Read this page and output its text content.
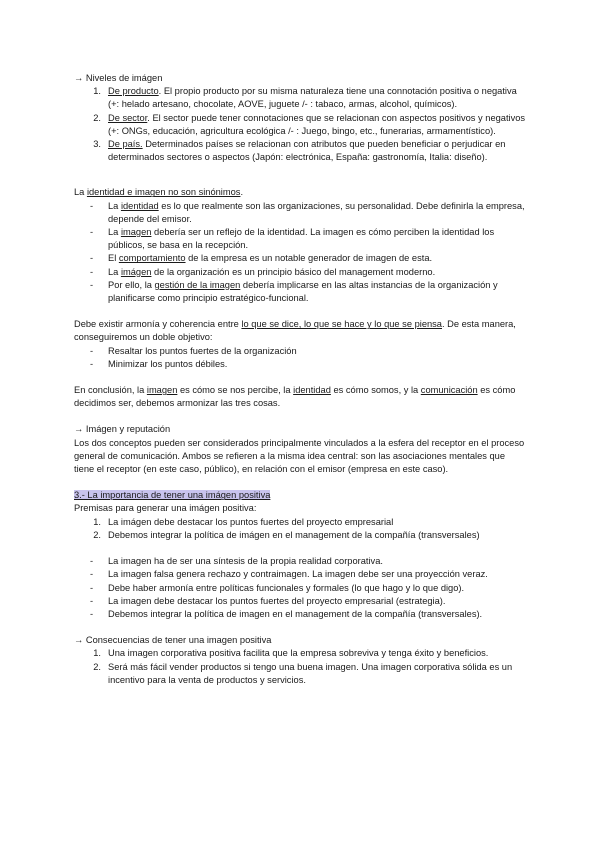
→ Niveles de imágen

1. De producto. El propio producto por su misma naturaleza tiene una connotación positiva o negativa (+: helado artesano, chocolate, AOVE, juguete /- : tabaco, armas, alcohol, químicos).
2. De sector. El sector puede tener connotaciones que se relacionan con aspectos positivos y negativos (+: ONGs, educación, agricultura ecológica /- : Juego, bingo, etc., funerarias, armamentístico).
3. De país. Determinados países se relacionan con atributos que pueden beneficiar o perjudicar en determinados sectores o aspectos (Japón: electrónica, España: gastronomía, Italia: diseño).

La identidad e imagen no son sinónimos.

-	La identidad es lo que realmente son las organizaciones, su personalidad. Debe definirla la empresa, depende del emisor.
-	La imagen debería ser un reflejo de la identidad. La imagen es cómo perciben la identidad los públicos, se basa en la recepción.
-	El comportamiento de la empresa es un notable generador de imagen de esta.
-	La imágen de la organización es un principio básico del management moderno.
-	Por ello, la gestión de la imagen debería implicarse en las altas instancias de la organización y planificarse como principio estratégico-funcional.

Debe existir armonía y coherencia entre lo que se dice, lo que se hace y lo que se piensa. De esta manera, conseguiremos un doble objetivo:

-	Resaltar los puntos fuertes de la organización
-	Minimizar los puntos débiles.

En conclusión, la imagen es cómo se nos percibe, la identidad es cómo somos, y la comunicación es cómo decidimos ser, debemos armonizar las tres cosas.

→ Imágen y reputación

Los dos conceptos pueden ser considerados principalmente vinculados a la esfera del receptor en el proceso general de comunicación. Ambos se refieren a la misma idea central: son las asociaciones mentales que tiene el receptor (en este caso, público), en relación con el emisor (empresa en este caso).

3.- La importancia de tener una imágen positiva

Premisas para generar una imágen positiva:

1. La imágen debe destacar los puntos fuertes del proyecto empresarial
2. Debemos integrar la política de imágen en el management de la compañía (transversales)
-	La imagen ha de ser una síntesis de la propia realidad corporativa.
-	La imagen falsa genera rechazo y contraimagen. La imagen debe ser una proyección veraz.
-	Debe haber armonía entre políticas funcionales y formales (lo que hago y lo que digo).
-	La imagen debe destacar los puntos fuertes del proyecto empresarial (estrategia).
-	Debemos integrar la política de imagen en el management de la compañía (transversales).

→ Consecuencias de tener una imagen positiva

1. Una imagen corporativa positiva facilita que la empresa sobreviva y tenga éxito y beneficios.
2. Será más fácil vender productos si tengo una buena imagen. Una imagen corporativa sólida es un incentivo para la venta de productos y servicios.
